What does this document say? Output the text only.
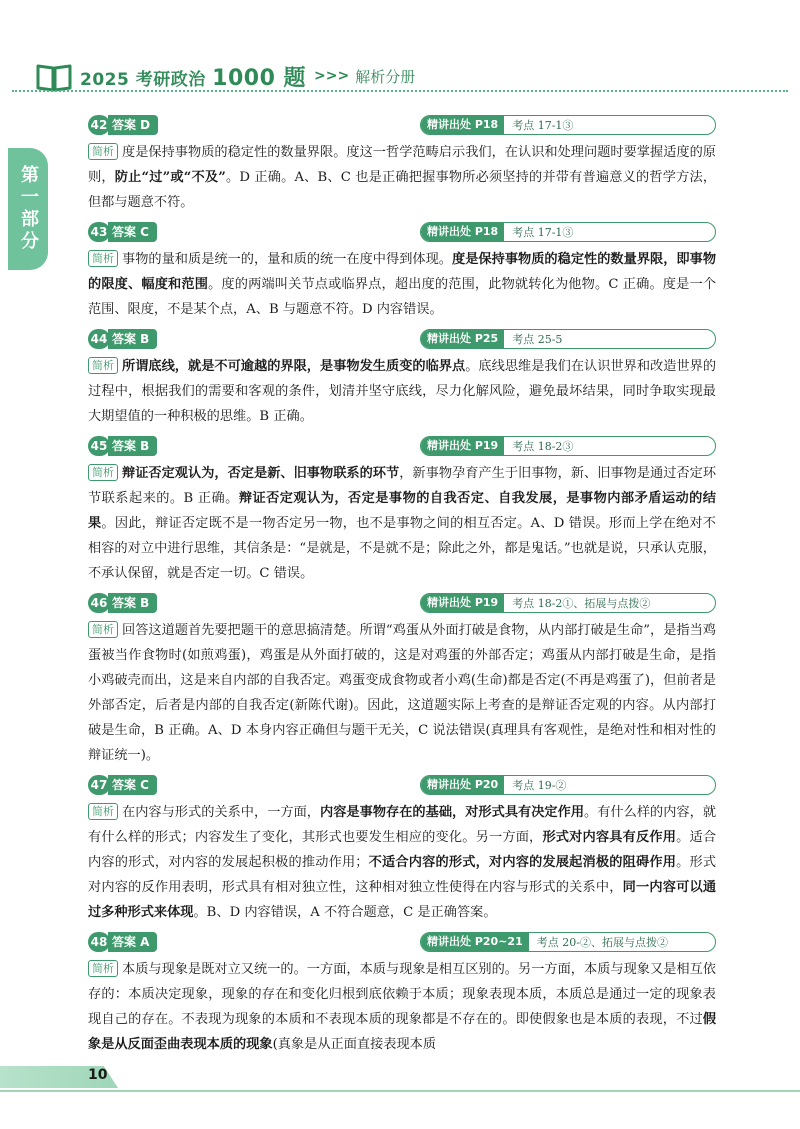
2025 考研政治 1000 题 >>> 解析分册
第一部分
42 答案 D	精讲出处 P18	考点 17-1③

简析 度是保持事物质的稳定性的数量界限。度这一哲学范畴启示我们，在认识和处理问题时要掌握适度的原则，防止“过”或“不及”。D 正确。A、B、C 也是正确把握事物所必须坚持的并带有普遍意义的哲学方法，但都与题意不符。

43 答案 C	精讲出处 P18	考点 17-1③

简析 事物的量和质是统一的，量和质的统一在度中得到体现。度是保持事物质的稳定性的数量界限，即事物的限度、幅度和范围。度的两端叫关节点或临界点，超出度的范围，此物就转化为他物。C 正确。度是一个范围、限度，不是某个点，A、B 与题意不符。D 内容错误。

44 答案 B	精讲出处 P25	考点 25-5

简析 所谓底线，就是不可逾越的界限，是事物发生质变的临界点。底线思维是我们在认识世界和改造世界的过程中，根据我们的需要和客观的条件，划清并坚守底线，尽力化解风险，避免最坏结果，同时争取实现最大期望值的一种积极的思维。B 正确。

45 答案 B	精讲出处 P19	考点 18-2③

简析 辩证否定观认为，否定是新、旧事物联系的环节，新事物孕育产生于旧事物，新、旧事物是通过否定环节联系起来的。B 正确。辩证否定观认为，否定是事物的自我否定、自我发展，是事物内部矛盾运动的结果。因此，辩证否定既不是一物否定另一物，也不是事物之间的相互否定。A、D 错误。形而上学在绝对不相容的对立中进行思维，其信条是：“是就是，不是就不是；除此之外，都是鬼话。”也就是说，只承认克服，不承认保留，就是否定一切。C 错误。

46 答案 B	精讲出处 P19	考点 18-2①、拓展与点拨②

简析 回答这道题首先要把题干的意思搞清楚。所谓“鸡蛋从外面打破是食物，从内部打破是生命”，是指当鸡蛋被当作食物时(如煎鸡蛋)，鸡蛋是从外面打破的，这是对鸡蛋的外部否定；鸡蛋从内部打破是生命，是指小鸡破壳而出，这是来自内部的自我否定。鸡蛋变成食物或者小鸡(生命)都是否定(不再是鸡蛋了)，但前者是外部否定，后者是内部的自我否定(新陈代谢)。因此，这道题实际上考查的是辩证否定观的内容。从内部打破是生命，B 正确。A、D 本身内容正确但与题干无关，C 说法错误(真理具有客观性，是绝对性和相对性的辩证统一)。

47 答案 C	精讲出处 P20	考点 19-②

简析 在内容与形式的关系中，一方面，内容是事物存在的基础，对形式具有决定作用。有什么样的内容，就有什么样的形式；内容发生了变化，其形式也要发生相应的变化。另一方面，形式对内容具有反作用。适合内容的形式，对内容的发展起积极的推动作用；不适合内容的形式，对内容的发展起消极的阻碍作用。形式对内容的反作用表明，形式具有相对独立性，这种相对独立性使得在内容与形式的关系中，同一内容可以通过多种形式来体现。B、D 内容错误，A 不符合题意，C 是正确答案。

48 答案 A	精讲出处 P20~21	考点 20-②、拓展与点拨②

简析 本质与现象是既对立又统一的。一方面，本质与现象是相互区别的。另一方面，本质与现象又是相互依存的：本质决定现象，现象的存在和变化归根到底依赖于本质；现象表现本质，本质总是通过一定的现象表现自己的存在。不表现为现象的本质和不表现本质的现象都是不存在的。即使假象也是本质的表现，不过假象是从反面歪曲表现本质的现象(真象是从正面直接表现本质

10
